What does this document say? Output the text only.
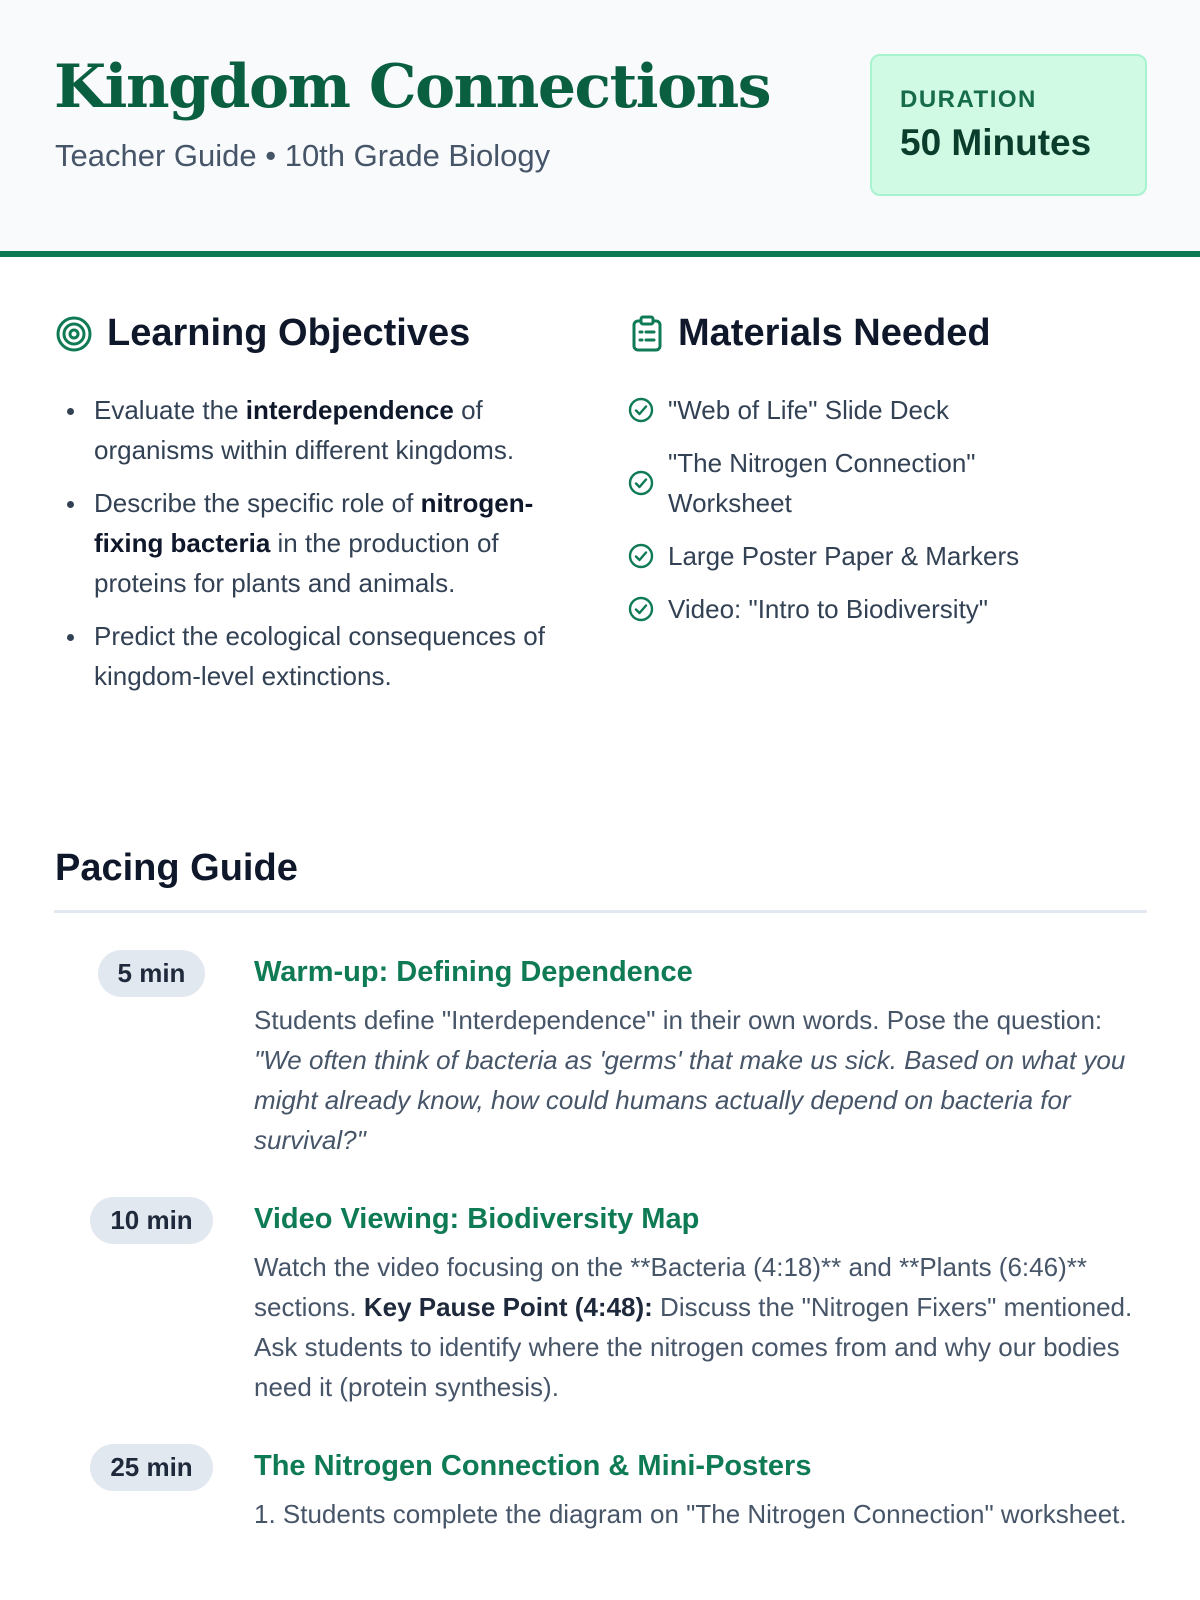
Kingdom Connections
Teacher Guide • 10th Grade Biology
DURATION
50 Minutes
Learning Objectives
Evaluate the interdependence of organisms within different kingdoms.
Describe the specific role of nitrogen-fixing bacteria in the production of proteins for plants and animals.
Predict the ecological consequences of kingdom-level extinctions.
Materials Needed
"Web of Life" Slide Deck
"The Nitrogen Connection" Worksheet
Large Poster Paper & Markers
Video: "Intro to Biodiversity"
Pacing Guide
5 min	Warm-up: Defining Dependence

Students define "Interdependence" in their own words. Pose the question: "We often think of bacteria as 'germs' that make us sick. Based on what you might already know, how could humans actually depend on bacteria for survival?"

10 min	Video Viewing: Biodiversity Map

Watch the video focusing on the **Bacteria (4:18)** and **Plants (6:46)** sections. Key Pause Point (4:48): Discuss the "Nitrogen Fixers" mentioned. Ask students to identify where the nitrogen comes from and why our bodies need it (protein synthesis).

25 min	The Nitrogen Connection & Mini-Posters

1. Students complete the diagram on "The Nitrogen Connection" worksheet.
